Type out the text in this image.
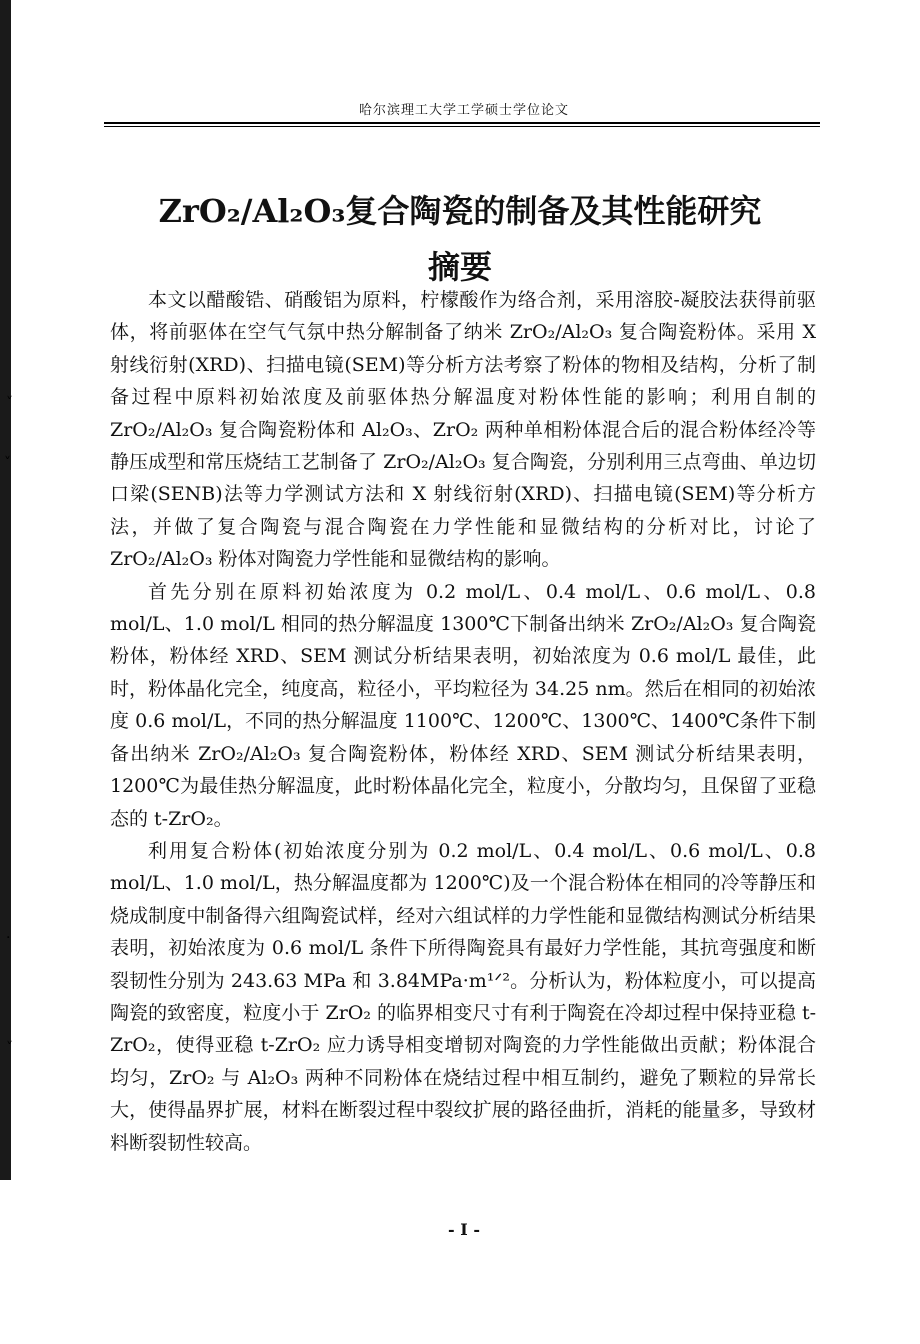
˅
˅
·
˅
哈尔滨理工大学工学硕士学位论文
ZrO₂/Al₂O₃复合陶瓷的制备及其性能研究
摘要

本文以醋酸锆、硝酸铝为原料，柠檬酸作为络合剂，采用溶胶-凝胶法获得前驱体，将前驱体在空气气氛中热分解制备了纳米 ZrO₂/Al₂O₃ 复合陶瓷粉体。采用 X 射线衍射(XRD)、扫描电镜(SEM)等分析方法考察了粉体的物相及结构，分析了制备过程中原料初始浓度及前驱体热分解温度对粉体性能的影响；利用自制的 ZrO₂/Al₂O₃ 复合陶瓷粉体和 Al₂O₃、ZrO₂ 两种单相粉体混合后的混合粉体经冷等静压成型和常压烧结工艺制备了 ZrO₂/Al₂O₃ 复合陶瓷，分别利用三点弯曲、单边切口梁(SENB)法等力学测试方法和 X 射线衍射(XRD)、扫描电镜(SEM)等分析方法，并做了复合陶瓷与混合陶瓷在力学性能和显微结构的分析对比，讨论了 ZrO₂/Al₂O₃ 粉体对陶瓷力学性能和显微结构的影响。

首先分别在原料初始浓度为 0.2 mol/L、0.4 mol/L、0.6 mol/L、0.8 mol/L、1.0 mol/L 相同的热分解温度 1300℃下制备出纳米 ZrO₂/Al₂O₃ 复合陶瓷粉体，粉体经 XRD、SEM 测试分析结果表明，初始浓度为 0.6 mol/L 最佳，此时，粉体晶化完全，纯度高，粒径小，平均粒径为 34.25 nm。然后在相同的初始浓度 0.6 mol/L，不同的热分解温度 1100℃、1200℃、1300℃、1400℃条件下制备出纳米 ZrO₂/Al₂O₃ 复合陶瓷粉体，粉体经 XRD、SEM 测试分析结果表明，1200℃为最佳热分解温度，此时粉体晶化完全，粒度小，分散均匀，且保留了亚稳态的 t-ZrO₂。

利用复合粉体(初始浓度分别为 0.2 mol/L、0.4 mol/L、0.6 mol/L、0.8 mol/L、1.0 mol/L，热分解温度都为 1200℃)及一个混合粉体在相同的冷等静压和烧成制度中制备得六组陶瓷试样，经对六组试样的力学性能和显微结构测试分析结果表明，初始浓度为 0.6 mol/L 条件下所得陶瓷具有最好力学性能，其抗弯强度和断裂韧性分别为 243.63 MPa 和 3.84MPa·m¹ᐟ²。分析认为，粉体粒度小，可以提高陶瓷的致密度，粒度小于 ZrO₂ 的临界相变尺寸有利于陶瓷在冷却过程中保持亚稳 t-ZrO₂，使得亚稳 t-ZrO₂ 应力诱导相变增韧对陶瓷的力学性能做出贡献；粉体混合均匀，ZrO₂ 与 Al₂O₃ 两种不同粉体在烧结过程中相互制约，避免了颗粒的异常长大，使得晶界扩展，材料在断裂过程中裂纹扩展的路径曲折，消耗的能量多，导致材料断裂韧性较高。

- I -
